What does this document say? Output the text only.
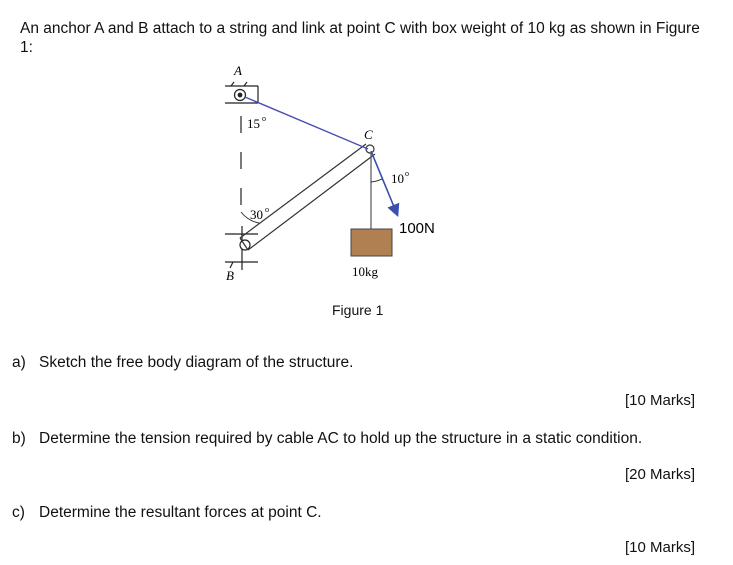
An anchor A and B attach to a string and link at point C with box weight of 10 kg as shown in Figure 1:
A
B
C
15 o
30 o
10 o
100N
10kg
Figure 1
a) Sketch the free body diagram of the structure.
[10 Marks]
b) Determine the tension required by cable AC to hold up the structure in a static condition.
[20 Marks]
c) Determine the resultant forces at point C.
[10 Marks]
